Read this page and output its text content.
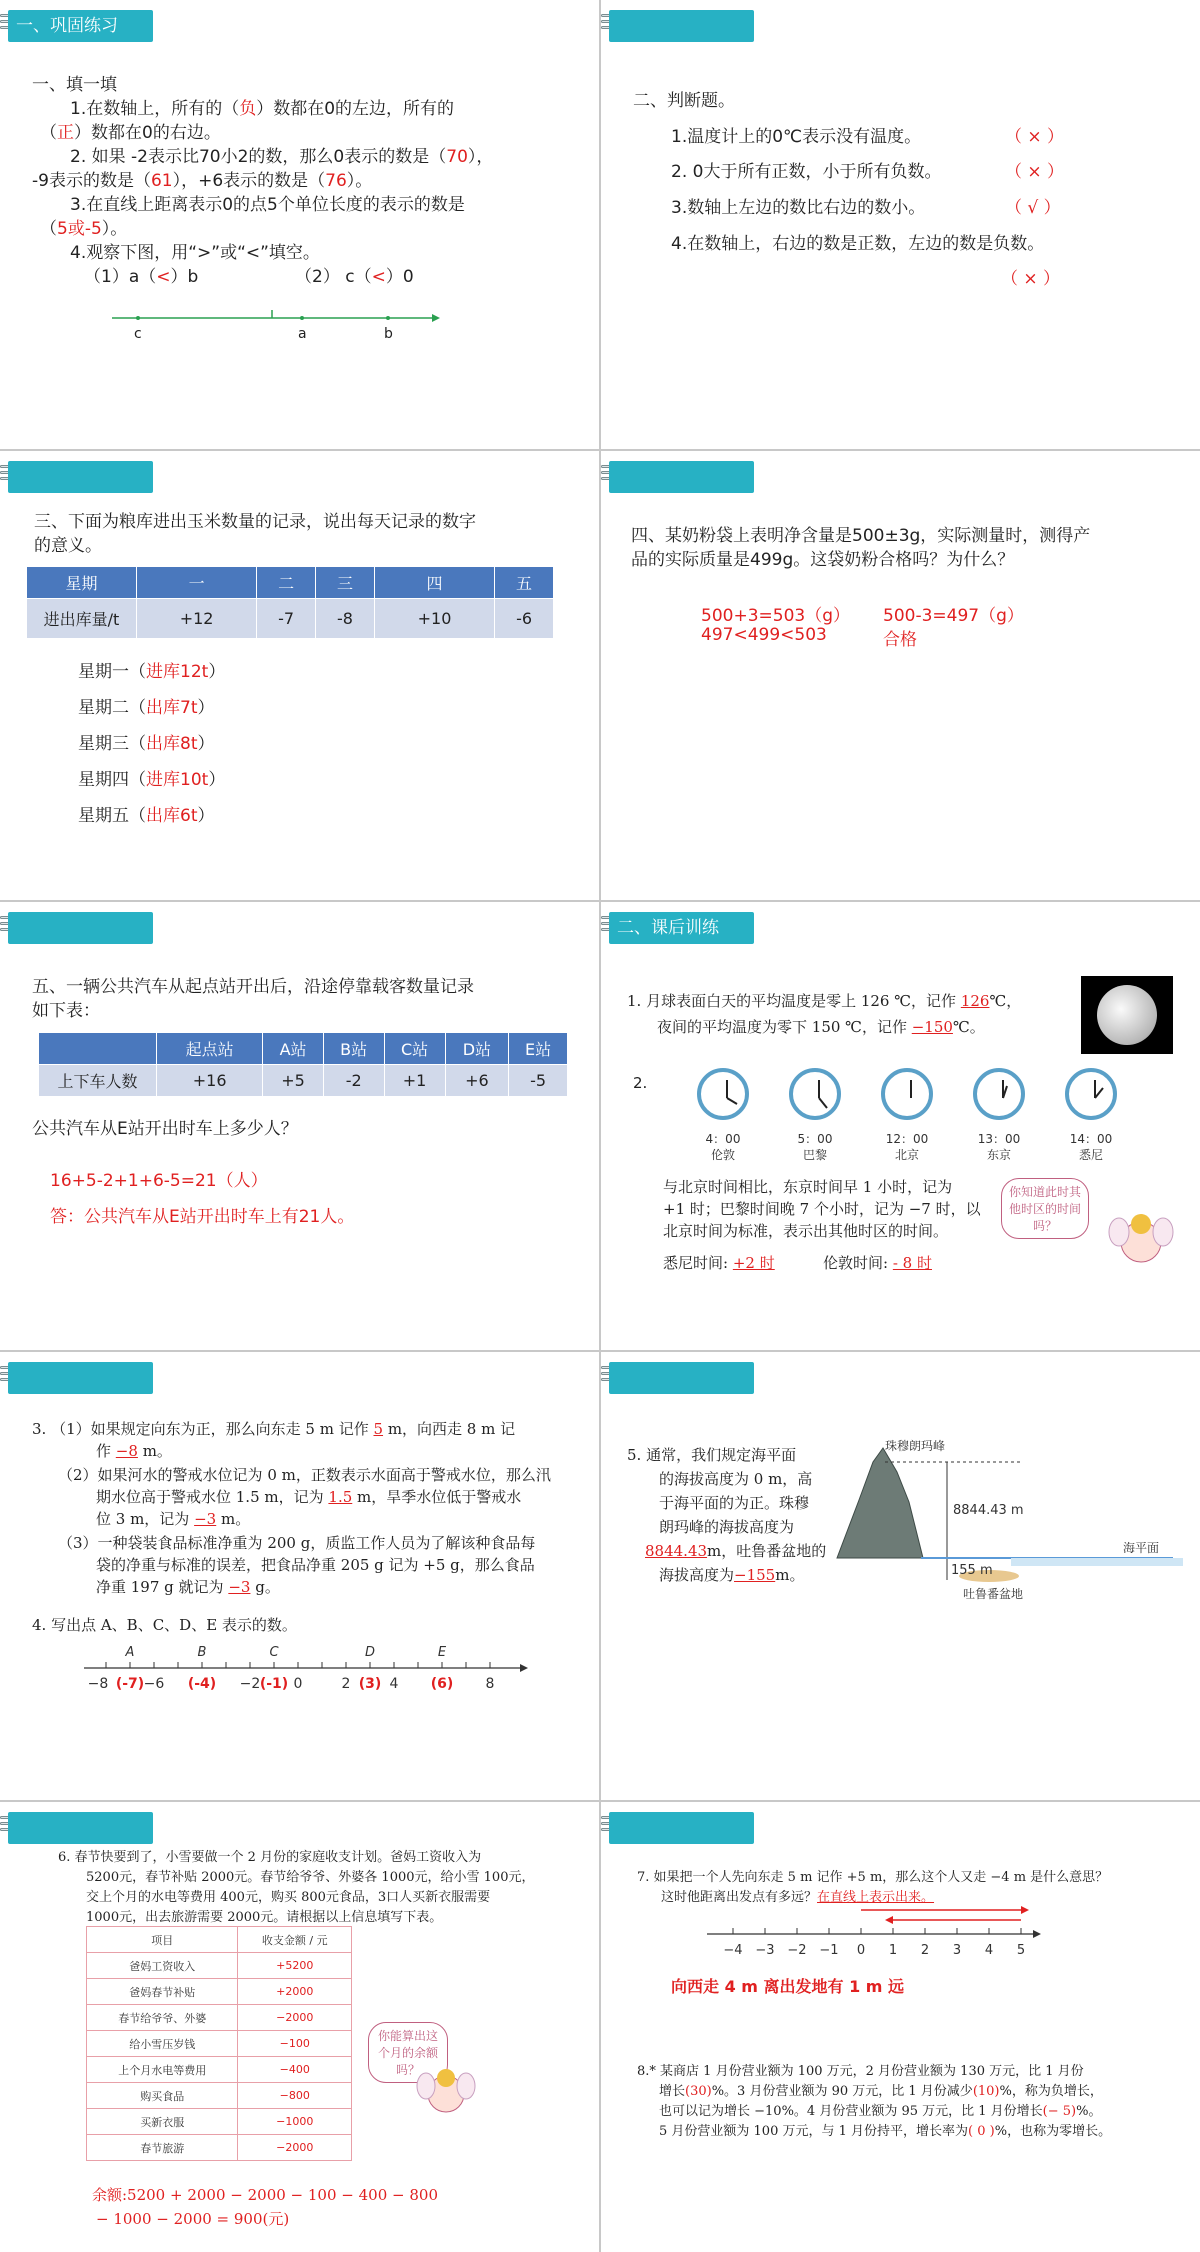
一、巩固练习
一、填一填
1.在数轴上，所有的（负）数都在0的左边，所有的
（正）数都在0的右边。
2. 如果 -2表示比70小2的数，那么0表示的数是（70），
-9表示的数是（61），+6表示的数是（76）。
3.在直线上距离表示0的点5个单位长度的表示的数是
（5或-5）。
4.观察下图，用“>”或“<”填空。
（1）a（<）b	（2） c（<）0
c	a	b
二、判断题。
1.温度计上的0℃表示没有温度。	（ × ）
2. 0大于所有正数，小于所有负数。	（ × ）
3.数轴上左边的数比右边的数小。	（ √ ）
4.在数轴上，右边的数是正数，左边的数是负数。
（ × ）
三、下面为粮库进出玉米数量的记录，说出每天记录的数字
的意义。
星期	一	二	三	四	五
进出库量/t	+12	-7	-8	+10	-6
星期一（进库12t）
星期二（出库7t）
星期三（出库8t）
星期四（进库10t）
星期五（出库6t）
四、某奶粉袋上表明净含量是500±3g，实际测量时，测得产
品的实际质量是499g。这袋奶粉合格吗？为什么？
500+3=503（g） 500-3=497（g）
497<499<503	合格
五、一辆公共汽车从起点站开出后，沿途停靠载客数量记录
如下表：
	起点站	A站	B站	C站	D站	E站
上下车人数	+16	+5	-2	+1	+6	-5
公共汽车从E站开出时车上多少人？
16+5-2+1+6-5=21（人）
答：公共汽车从E站开出时车上有21人。
二、课后训练
1. 月球表面白天的平均温度是零上 126 ℃，记作 126℃，
夜间的平均温度为零下 150 ℃，记作 −150℃。
2.
4：00
伦敦
5：00
巴黎
12：00
北京
13：00
东京
14：00
悉尼
与北京时间相比，东京时间早 1 小时，记为
+1 时；巴黎时间晚 7 个小时，记为 −7 时，以
北京时间为标准，表示出其他时区的时间。
悉尼时间: +2 时	伦敦时间: - 8 时
你知道此时其他时区的时间吗？
3. （1）如果规定向东为正，那么向东走 5 m 记作 5 m，向西走 8 m 记
作 −8 m。
（2）如果河水的警戒水位记为 0 m，正数表示水面高于警戒水位，那么汛
期水位高于警戒水位 1.5 m，记为 1.5 m，旱季水位低于警戒水
位 3 m，记为 −3 m。
（3）一种袋装食品标准净重为 200 g，质监工作人员为了解该种食品每
袋的净重与标准的误差，把食品净重 205 g 记为 +5 g，那么食品
净重 197 g 就记为 −3 g。
4. 写出点 A、B、C、D、E 表示的数。
A	B	C	D	E
−8	−6	−2 0	2	4	8
(-7)	(-4)	(-1)	(3)	(6)
5. 通常，我们规定海平面
的海拔高度为 0 m，高
于海平面的为正。珠穆
朗玛峰的海拔高度为
8844.43m，吐鲁番盆地的
海拔高度为−155m。
珠穆朗玛峰
8844.43 m
155 m
海平面
吐鲁番盆地
6. 春节快要到了，小雪要做一个 2 月份的家庭收支计划。爸妈工资收入为
5200元，春节补贴 2000元。春节给爷爷、外婆各 1000元，给小雪 100元，
交上个月的水电等费用 400元，购买 800元食品，3口人买新衣服需要
1000元，出去旅游需要 2000元。请根据以上信息填写下表。
项目	收支金额 / 元
爸妈工资收入	+5200
爸妈春节补贴	+2000
春节给爷爷、外婆	−2000
给小雪压岁钱	−100
上个月水电等费用	−400
购买食品	−800
买新衣服	−1000
春节旅游	−2000
你能算出这个月的余额吗？
余额:5200 + 2000 − 2000 − 100 − 400 − 800
− 1000 − 2000 = 900(元)
7. 如果把一个人先向东走 5 m 记作 +5 m，那么这个人又走 −4 m 是什么意思？
这时他距离出发点有多远？在直线上表示出来。
−4 −3 −2 −1 0 1 2 3 4 5
向西走 4 m 离出发地有 1 m 远
8.* 某商店 1 月份营业额为 100 万元，2 月份营业额为 130 万元，比 1 月份
增长(30)%。3 月份营业额为 90 万元，比 1 月份减少(10)%，称为负增长，
也可以记为增长 −10%。4 月份营业额为 95 万元，比 1 月份增长(− 5)%。
5 月份营业额为 100 万元，与 1 月份持平，增长率为( 0 )%，也称为零增长。
